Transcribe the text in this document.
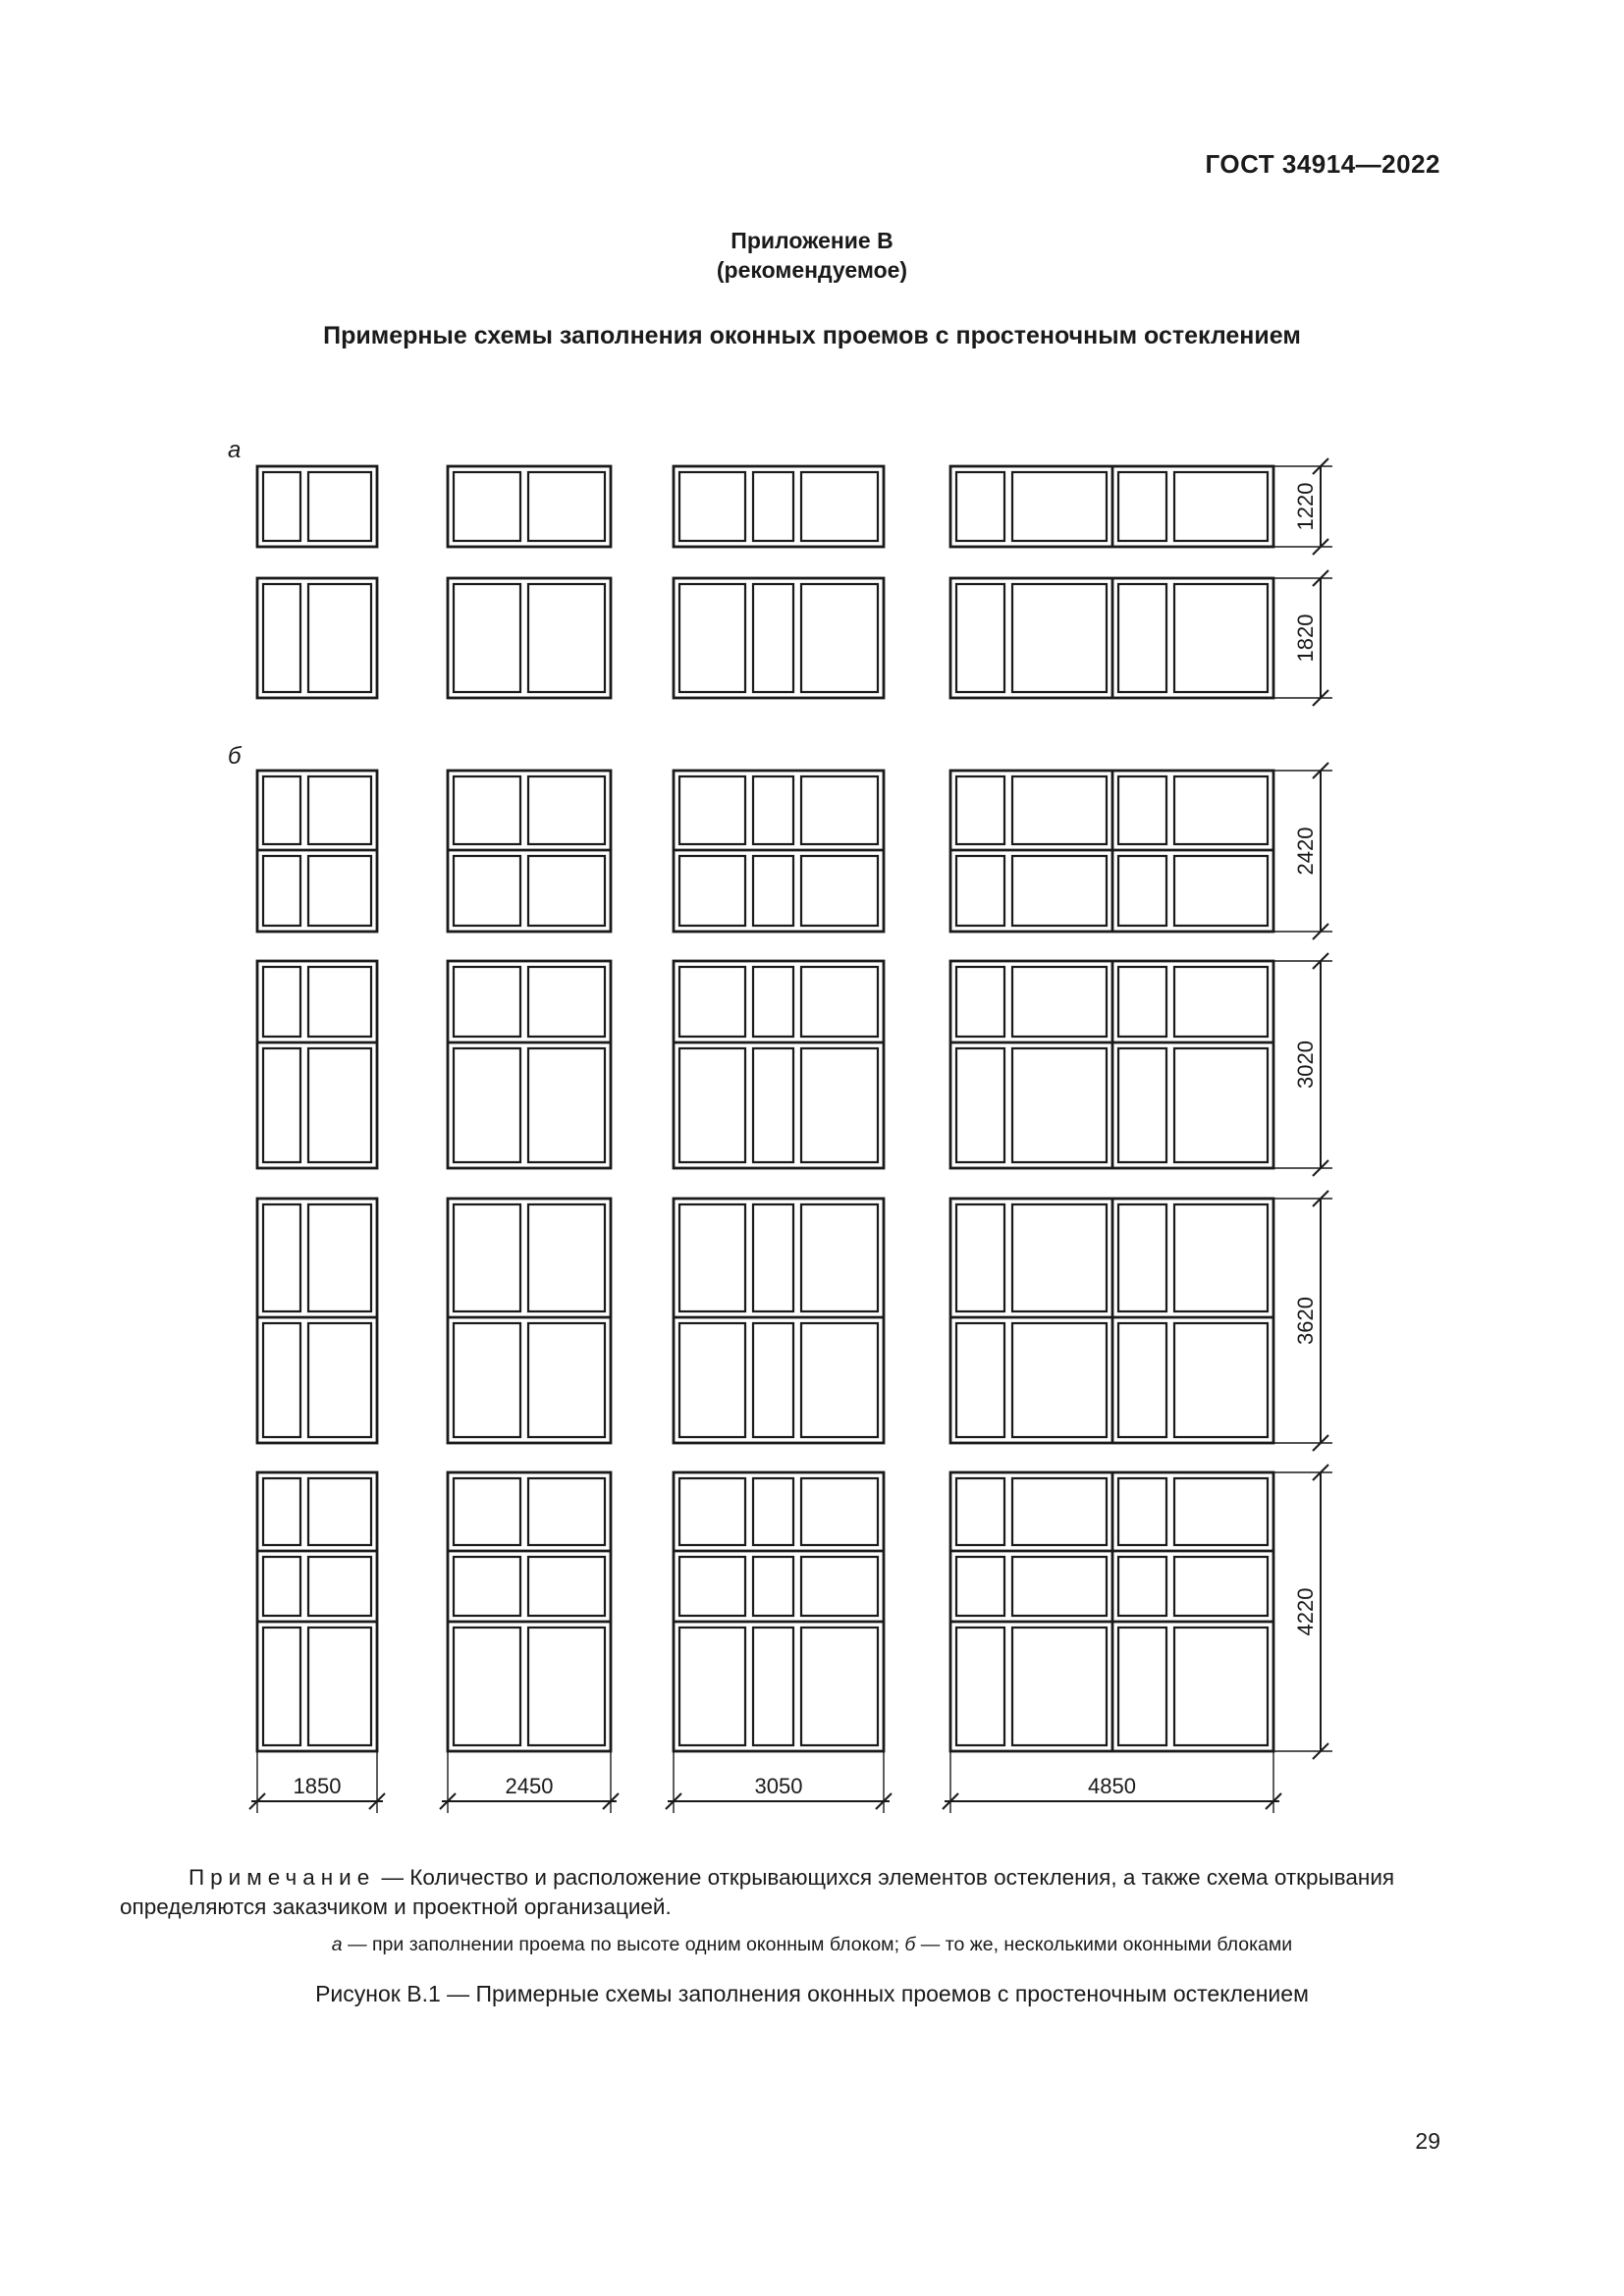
ГОСТ 34914—2022
Приложение В
(рекомендуемое)
Примерные схемы заполнения оконных проемов с простеночным остеклением
1220
1820
2420
3020
3620
4220
1850	2450	3050	4850
а
б
Примечание — Количество и расположение открывающихся элементов остекления, а также схема открывания определяются заказчиком и проектной организацией.
а — при заполнении проема по высоте одним оконным блоком; б — то же, несколькими оконными блоками
Рисунок В.1 — Примерные схемы заполнения оконных проемов с простеночным остеклением
29
